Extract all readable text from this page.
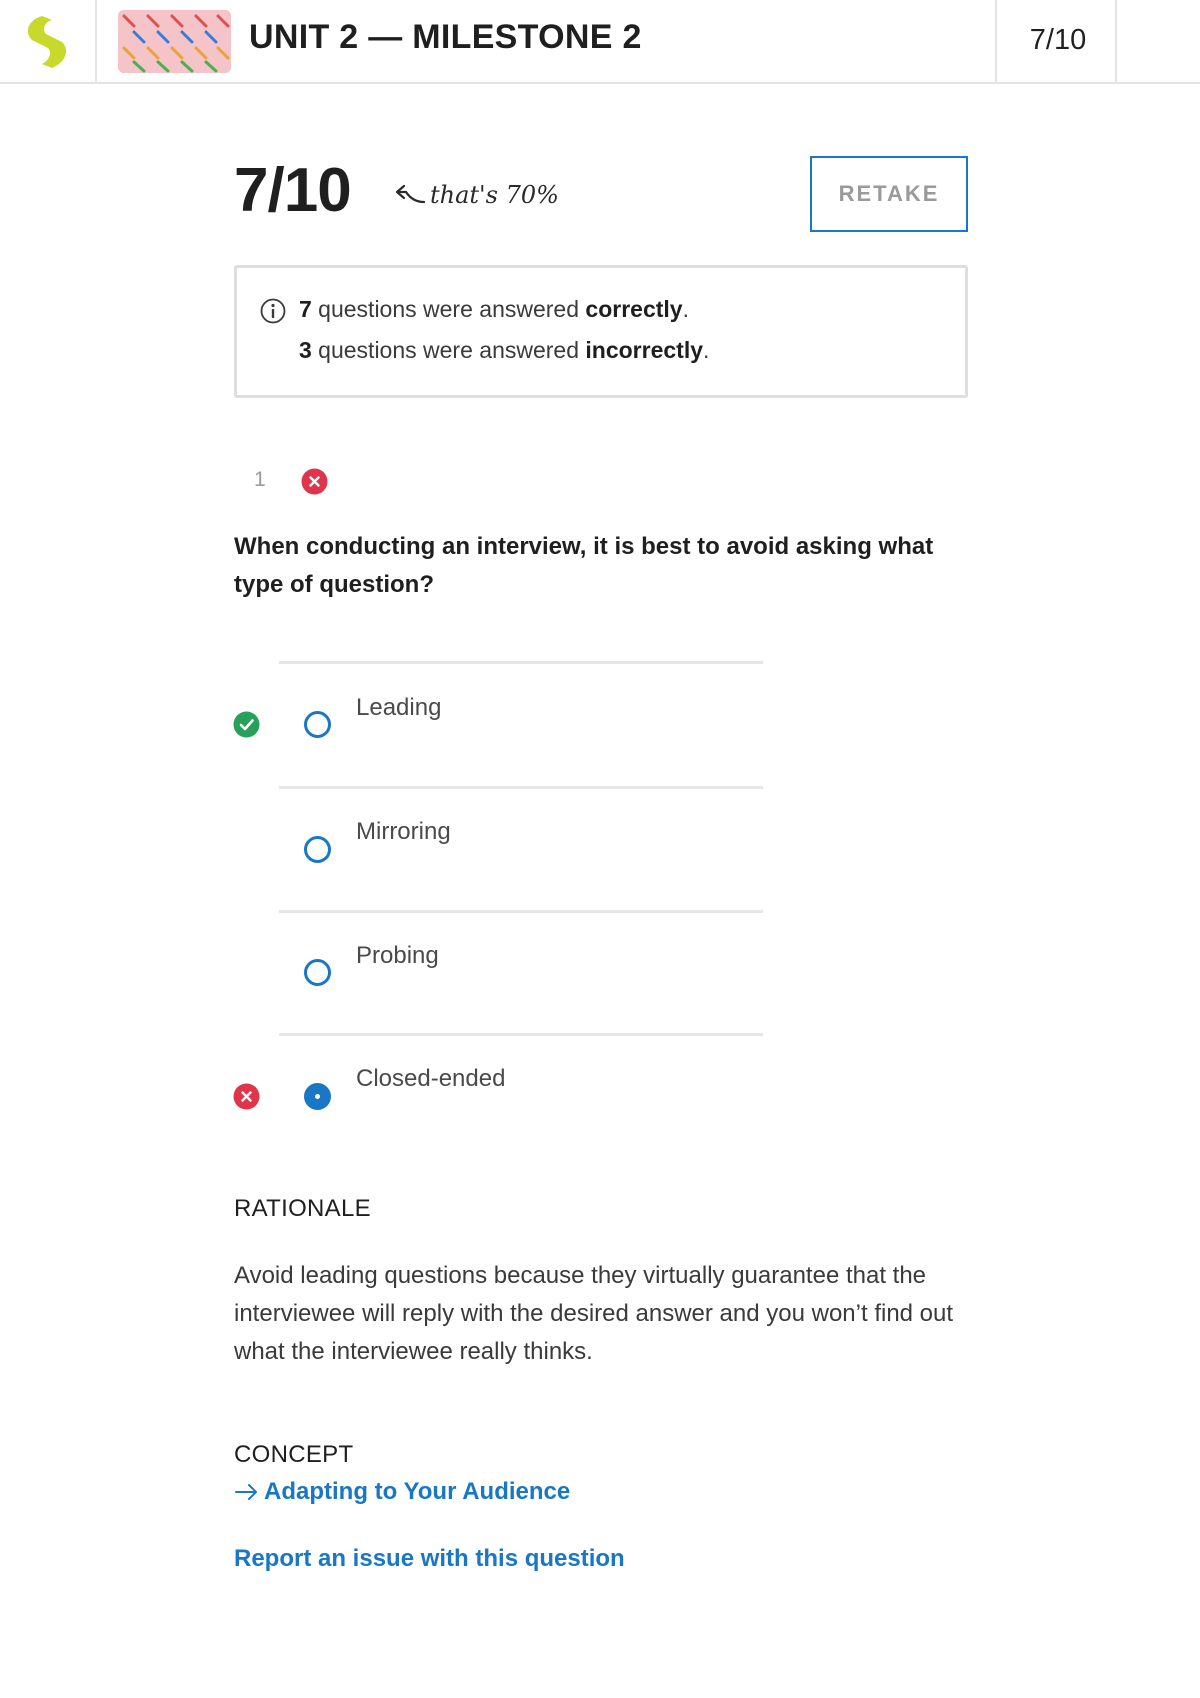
UNIT 2 — MILESTONE 2	7/10
7/10	that's 70%	RETAKE
7 questions were answered correctly.
3 questions were answered incorrectly.
1
When conducting an interview, it is best to avoid asking what type of question?
Leading
Mirroring
Probing
Closed-ended
RATIONALE
Avoid leading questions because they virtually guarantee that the interviewee will reply with the desired answer and you won’t find out what the interviewee really thinks.
CONCEPT
Adapting to Your Audience
Report an issue with this question
